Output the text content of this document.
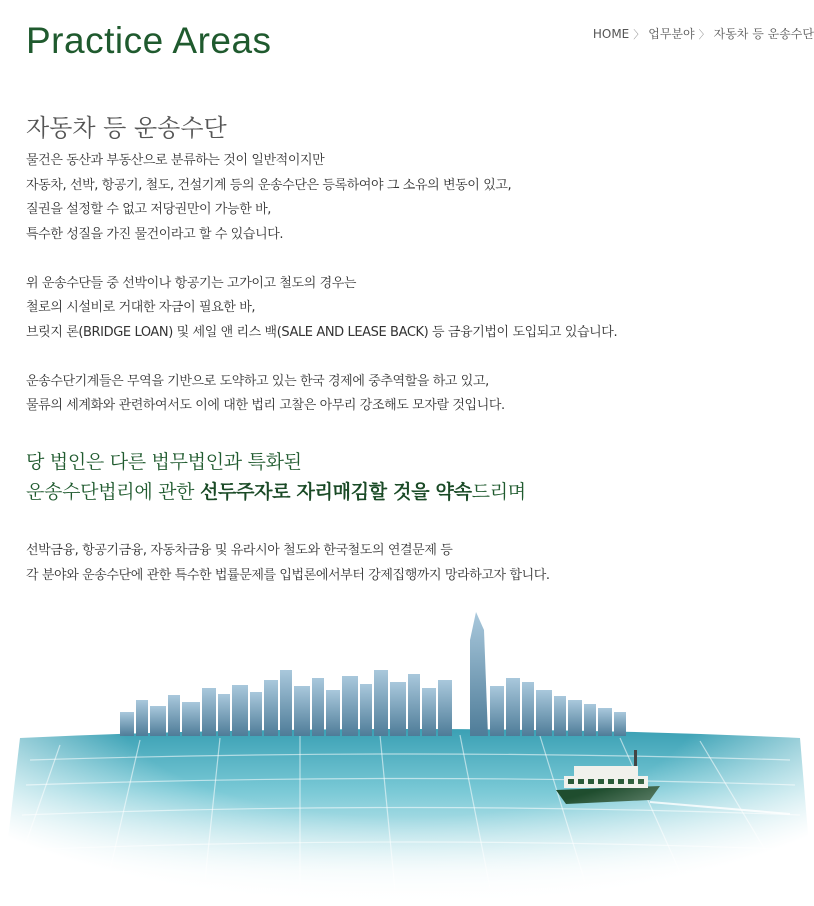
Practice Areas	HOME 〉 업무분야 〉 자동차 등 운송수단
자동차 등 운송수단

물건은 동산과 부동산으로 분류하는 것이 일반적이지만
자동차, 선박, 항공기, 철도, 건설기계 등의 운송수단은 등록하여야 그 소유의 변동이 있고,
질권을 설정할 수 없고 저당권만이 가능한 바,
특수한 성질을 가진 물건이라고 할 수 있습니다.

위 운송수단들 중 선박이나 항공기는 고가이고 철도의 경우는
철로의 시설비로 거대한 자금이 필요한 바,
브릿지 론(BRIDGE LOAN) 및 세일 앤 리스 백(SALE AND LEASE BACK) 등 금융기법이 도입되고 있습니다.

운송수단기계들은 무역을 기반으로 도약하고 있는 한국 경제에 중추역할을 하고 있고,
물류의 세계화와 관련하여서도 이에 대한 법리 고찰은 아무리 강조해도 모자랄 것입니다.

당 법인은 다른 법무법인과 특화된
운송수단법리에 관한 선두주자로 자리매김할 것을 약속드리며
선박금융, 항공기금융, 자동차금융 및 유라시아 철도와 한국철도의 연결문제 등
각 분야와 운송수단에 관한 특수한 법률문제를 입법론에서부터 강제집행까지 망라하고자 합니다.
